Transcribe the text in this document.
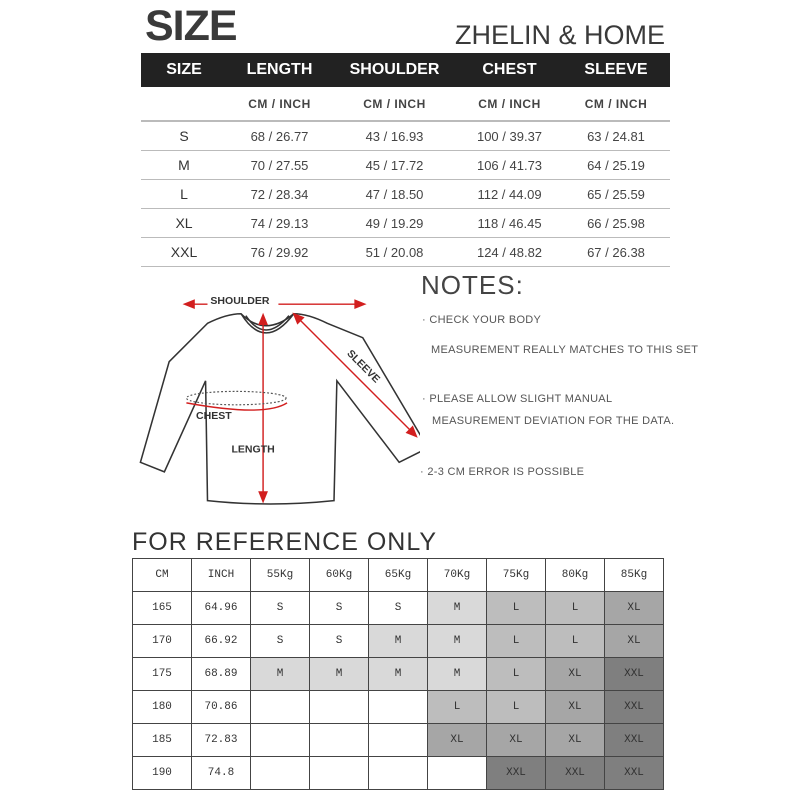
SIZE	ZHELIN & HOME
SIZE	LENGTH	SHOULDER	CHEST	SLEEVE
	CM / INCH	CM / INCH	CM / INCH	CM / INCH
S	68 / 26.77	43 / 16.93	100 / 39.37	63 / 24.81
M	70 / 27.55	45 / 17.72	106 / 41.73	64 / 25.19
L	72 / 28.34	47 / 18.50	112 / 44.09	65 / 25.59
XL	74 / 29.13	49 / 19.29	118 / 46.45	66 / 25.98
XXL	76 / 29.92	51 / 20.08	124 / 48.82	67 / 26.38
SHOULDER
CHEST
LENGTH
SLEEVE
NOTES:
· CHECK YOUR BODY
MEASUREMENT REALLY MATCHES TO THIS SET
· PLEASE ALLOW SLIGHT MANUAL
MEASUREMENT DEVIATION FOR THE DATA.
· 2-3 CM ERROR IS POSSIBLE
FOR REFERENCE ONLY
CM	INCH	55Kg	60Kg	65Kg	70Kg	75Kg	80Kg	85Kg
165	64.96	S	S	S	M	L	L	XL
170	66.92	S	S	M	M	L	L	XL
175	68.89	M	M	M	M	L	XL	XXL
180	70.86				L	L	XL	XXL
185	72.83				XL	XL	XL	XXL
190	74.8					XXL	XXL	XXL
